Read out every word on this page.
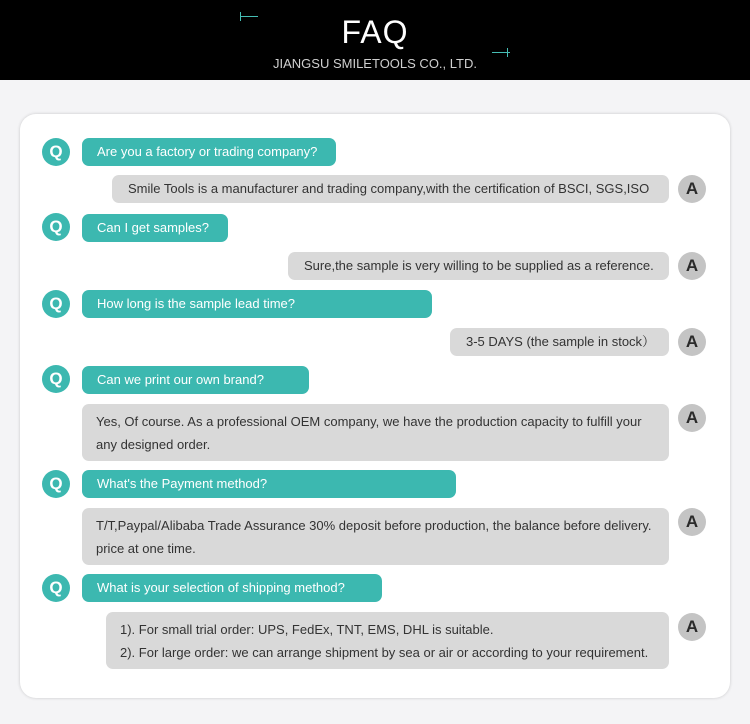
FAQ
JIANGSU SMILETOOLS CO., LTD.
Q	Are you a factory or trading company?
Smile Tools is a manufacturer and trading company,with the certification of BSCI, SGS,ISO	A
Q	Can I get samples?
Sure,the sample is very willing to be supplied as a reference.	A
Q	How long is the sample lead time?
3-5 DAYS (the sample in stock）	A
Q	Can we print our own brand?
Yes, Of course. As a professional OEM company, we have the production capacity to fulfill your
any designed order.
A
Q	What's the Payment method?
T/T,Paypal/Alibaba Trade Assurance 30% deposit before production, the balance before delivery.
price at one time.
A
Q	What is your selection of shipping method?
1). For small trial order: UPS, FedEx, TNT, EMS, DHL is suitable.
2). For large order: we can arrange shipment by sea or air or according to your requirement.
A
